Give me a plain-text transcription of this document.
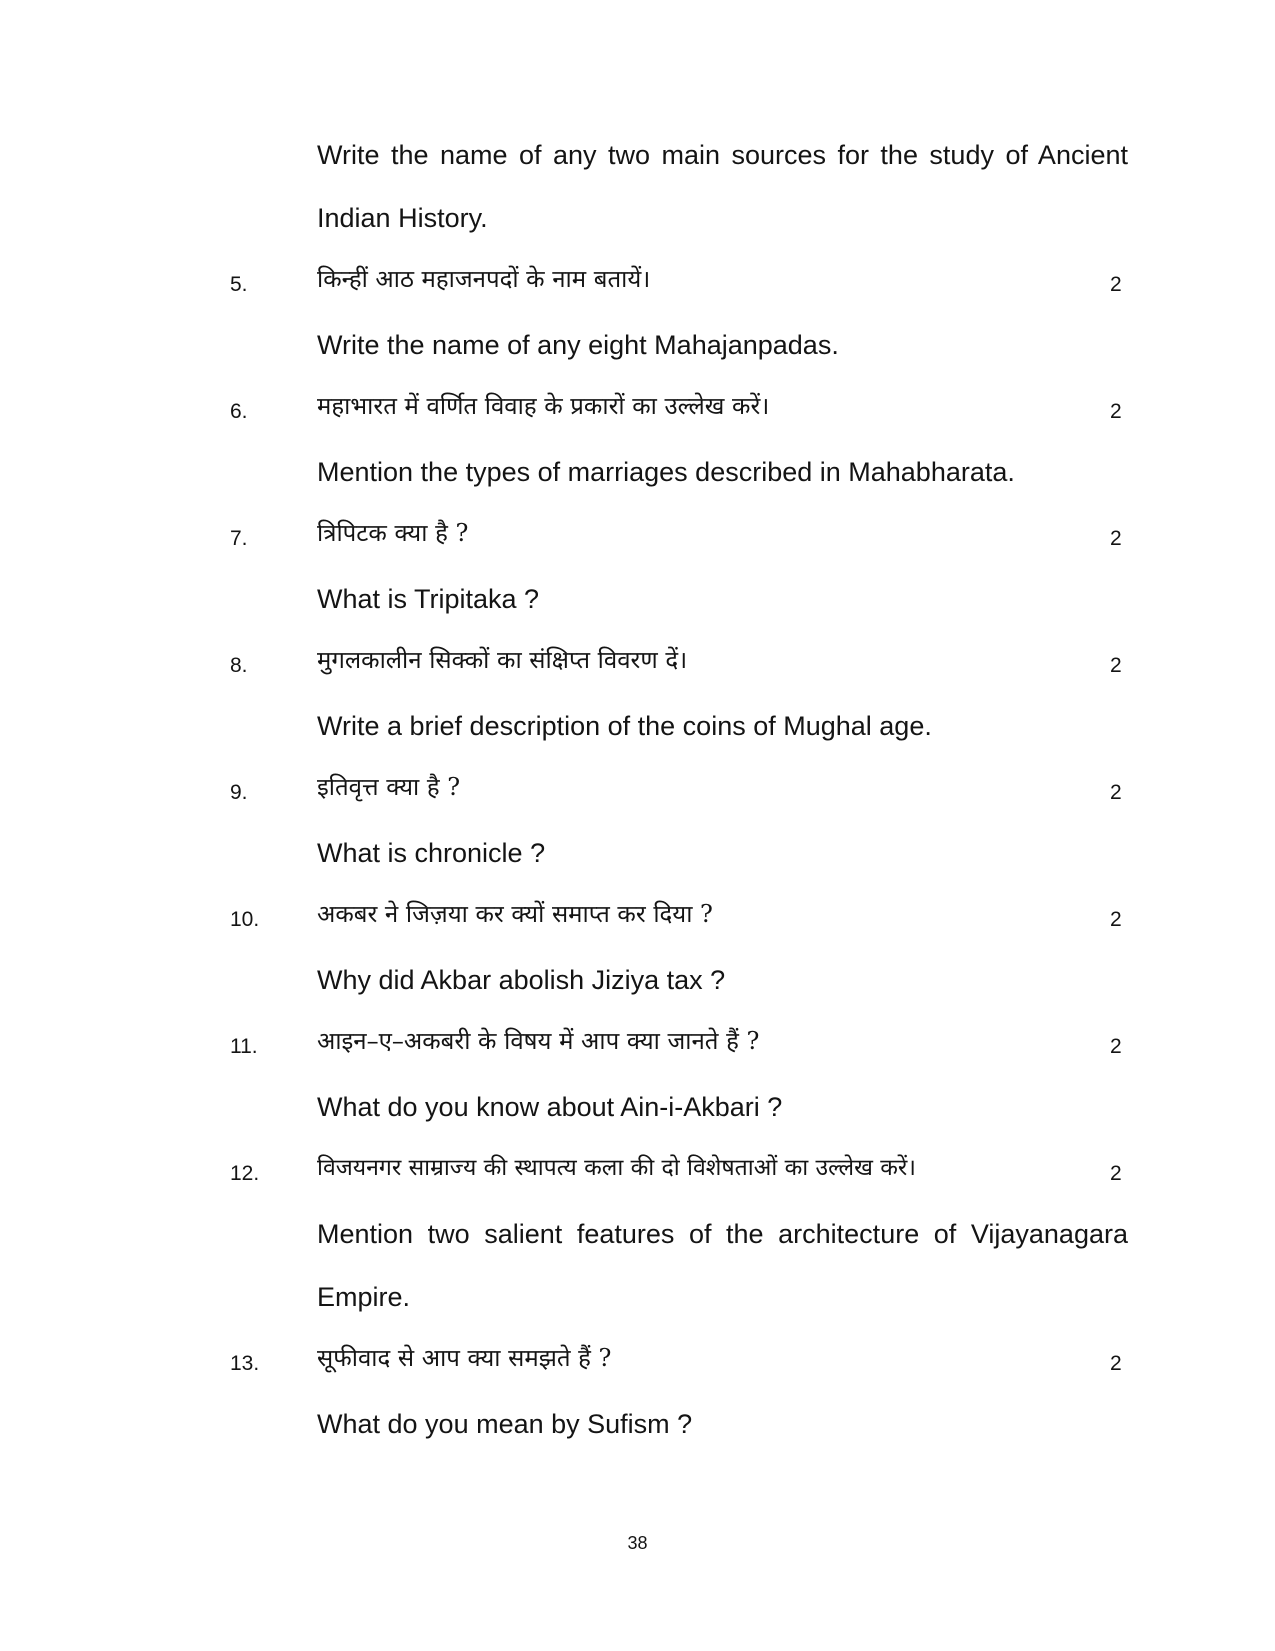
Write the name of any two main sources for the study of Ancient
Indian History.
5.	किन्हीं आठ महाजनपदों के नाम बतायें।	2
Write the name of any eight Mahajanpadas.
6.	महाभारत में वर्णित विवाह के प्रकारों का उल्लेख करें।	2
Mention the types of marriages described in Mahabharata.
7.	त्रिपिटक क्या है ?	2
What is Tripitaka ?
8.	मुगलकालीन सिक्कों का संक्षिप्त विवरण दें।	2
Write a brief description of the coins of Mughal age.
9.	इतिवृत्त क्या है ?	2
What is chronicle ?
10. अकबर ने जिज़या कर क्यों समाप्त कर दिया ?	2
Why did Akbar abolish Jiziya tax ?
11. आइन–ए–अकबरी के विषय में आप क्या जानते हैं ?	2
What do you know about Ain-i-Akbari ?
12.	विजयनगर साम्राज्य की स्थापत्य कला की दो विशेषताओं का उल्लेख करें।	2
Mention two salient features of the architecture of Vijayanagara
Empire.
13. सूफीवाद से आप क्या समझते हैं ?	2
What do you mean by Sufism ?
38
